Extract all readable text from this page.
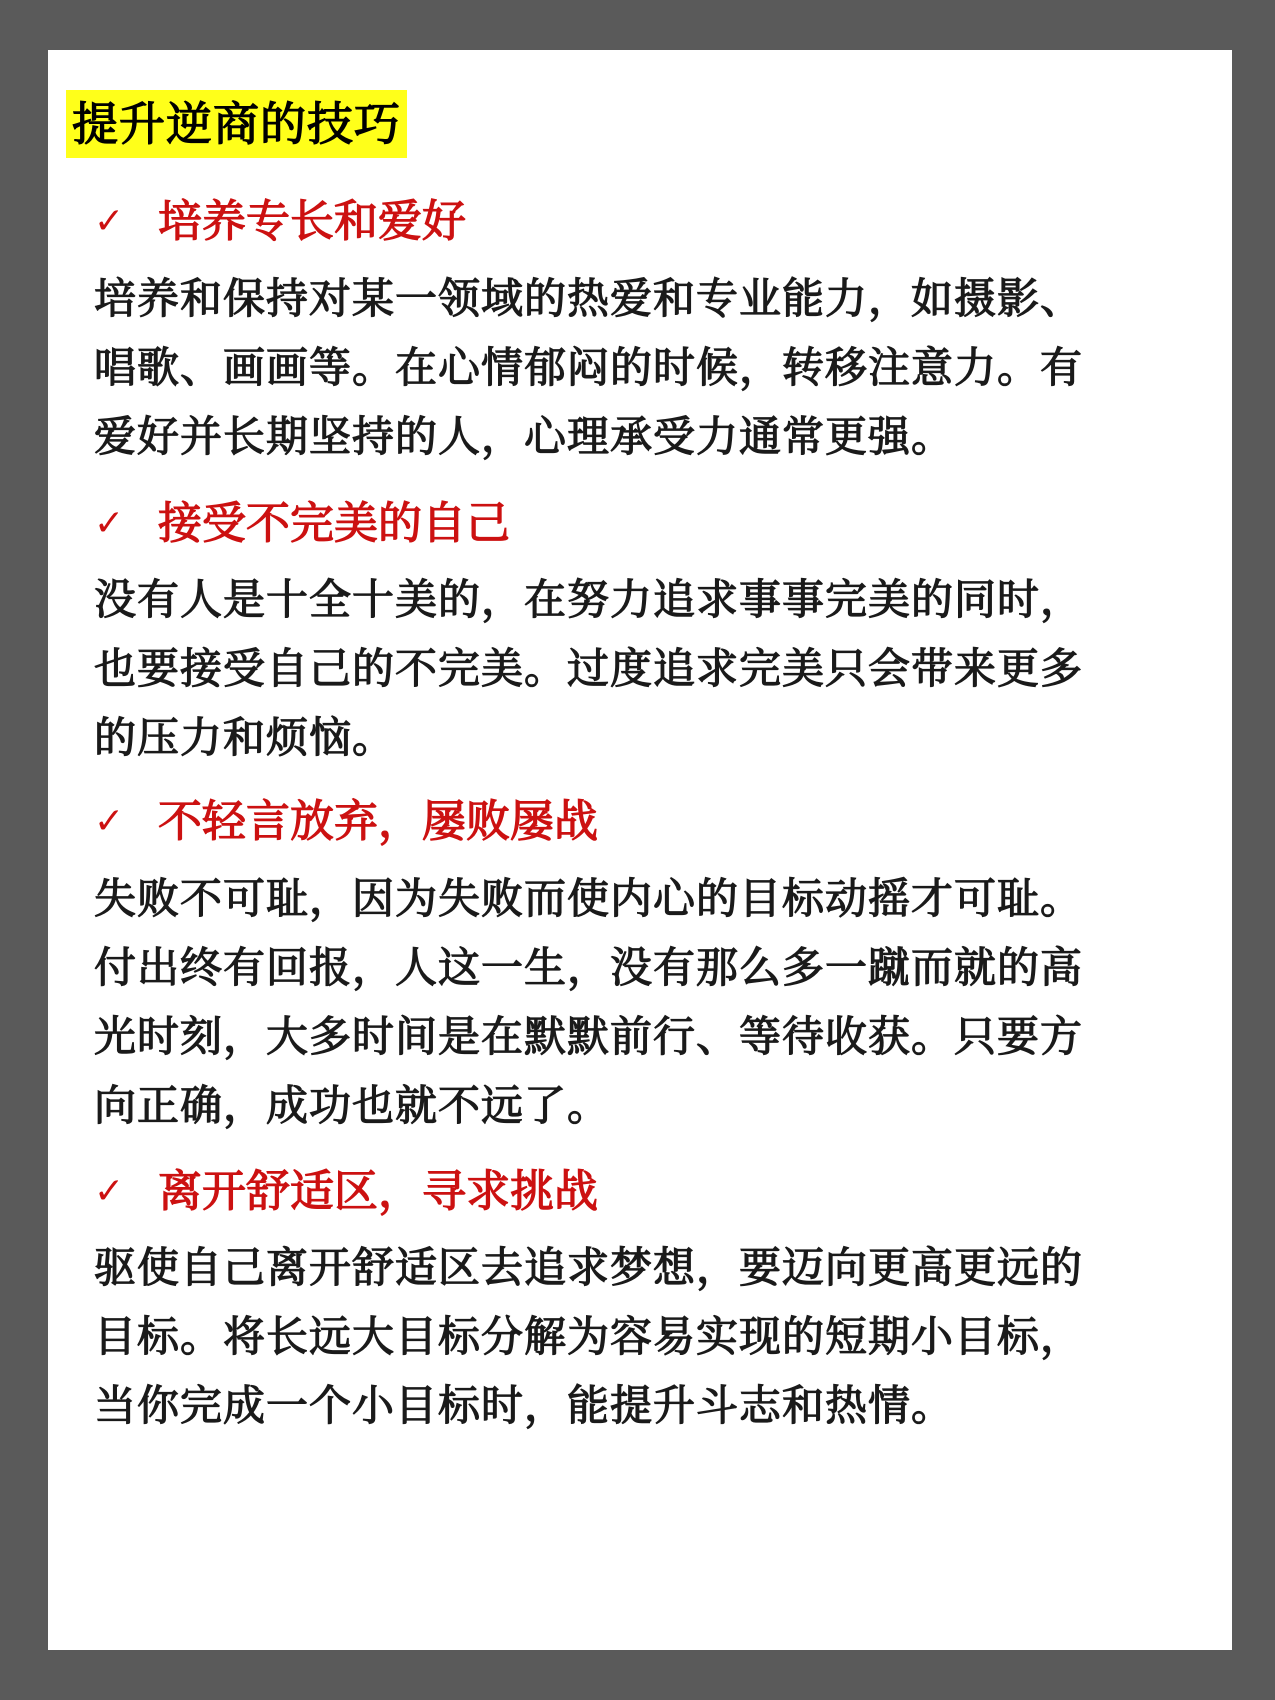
提升逆商的技巧
✓ 培养专长和爱好
培养和保持对某一领域的热爱和专业能力，如摄影、
唱歌、画画等。在心情郁闷的时候，转移注意力。有
爱好并长期坚持的人，心理承受力通常更强。
✓ 接受不完美的自己
没有人是十全十美的，在努力追求事事完美的同时，
也要接受自己的不完美。过度追求完美只会带来更多
的压力和烦恼。
✓ 不轻言放弃，屡败屡战
失败不可耻，因为失败而使内心的目标动摇才可耻。
付出终有回报，人这一生，没有那么多一蹴而就的高
光时刻，大多时间是在默默前行、等待收获。只要方
向正确，成功也就不远了。
✓ 离开舒适区，寻求挑战
驱使自己离开舒适区去追求梦想，要迈向更高更远的
目标。将长远大目标分解为容易实现的短期小目标，
当你完成一个小目标时，能提升斗志和热情。
